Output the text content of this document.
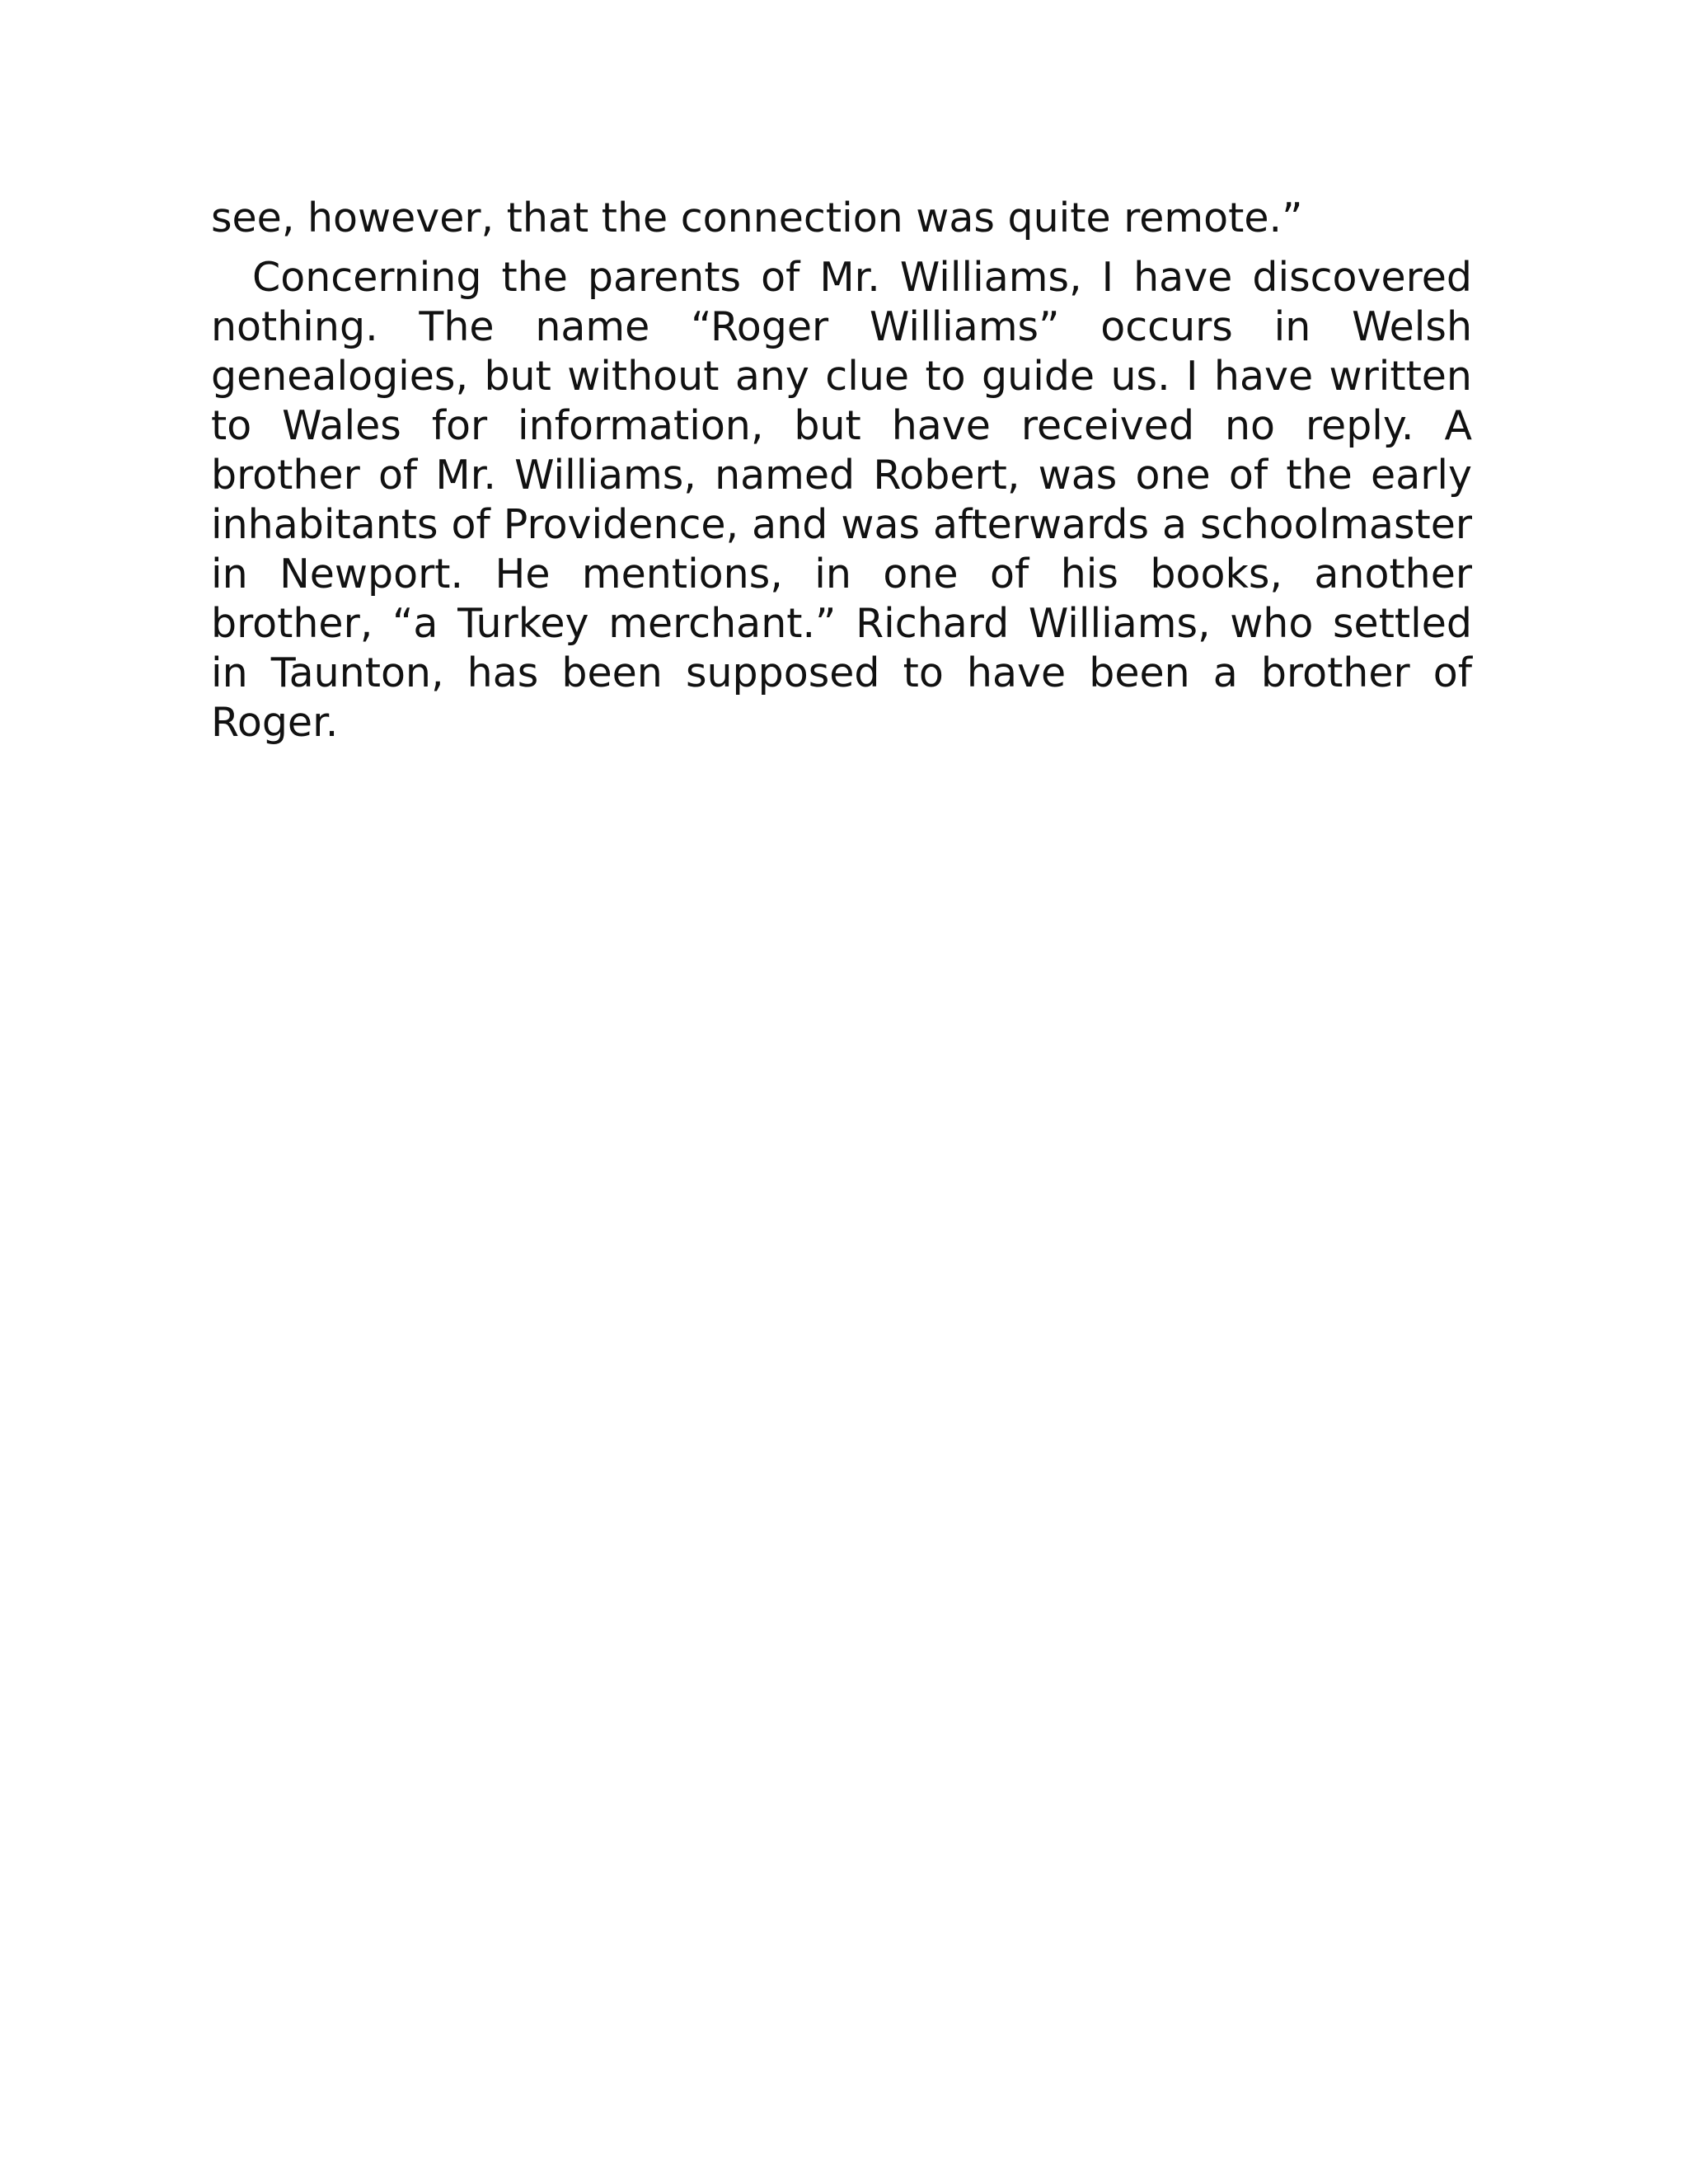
see, however, that the connection was quite remote.”

Concerning the parents of Mr. Williams, I have discovered nothing. The name “Roger Williams” occurs in Welsh genealogies, but without any clue to guide us. I have written to Wales for information, but have received no reply. A brother of Mr. Williams, named Robert, was one of the early inhabitants of Providence, and was afterwards a schoolmaster in Newport. He mentions, in one of his books, another brother, “a Turkey merchant.” Richard Williams, who settled in Taunton, has been supposed to have been a brother of Roger.
